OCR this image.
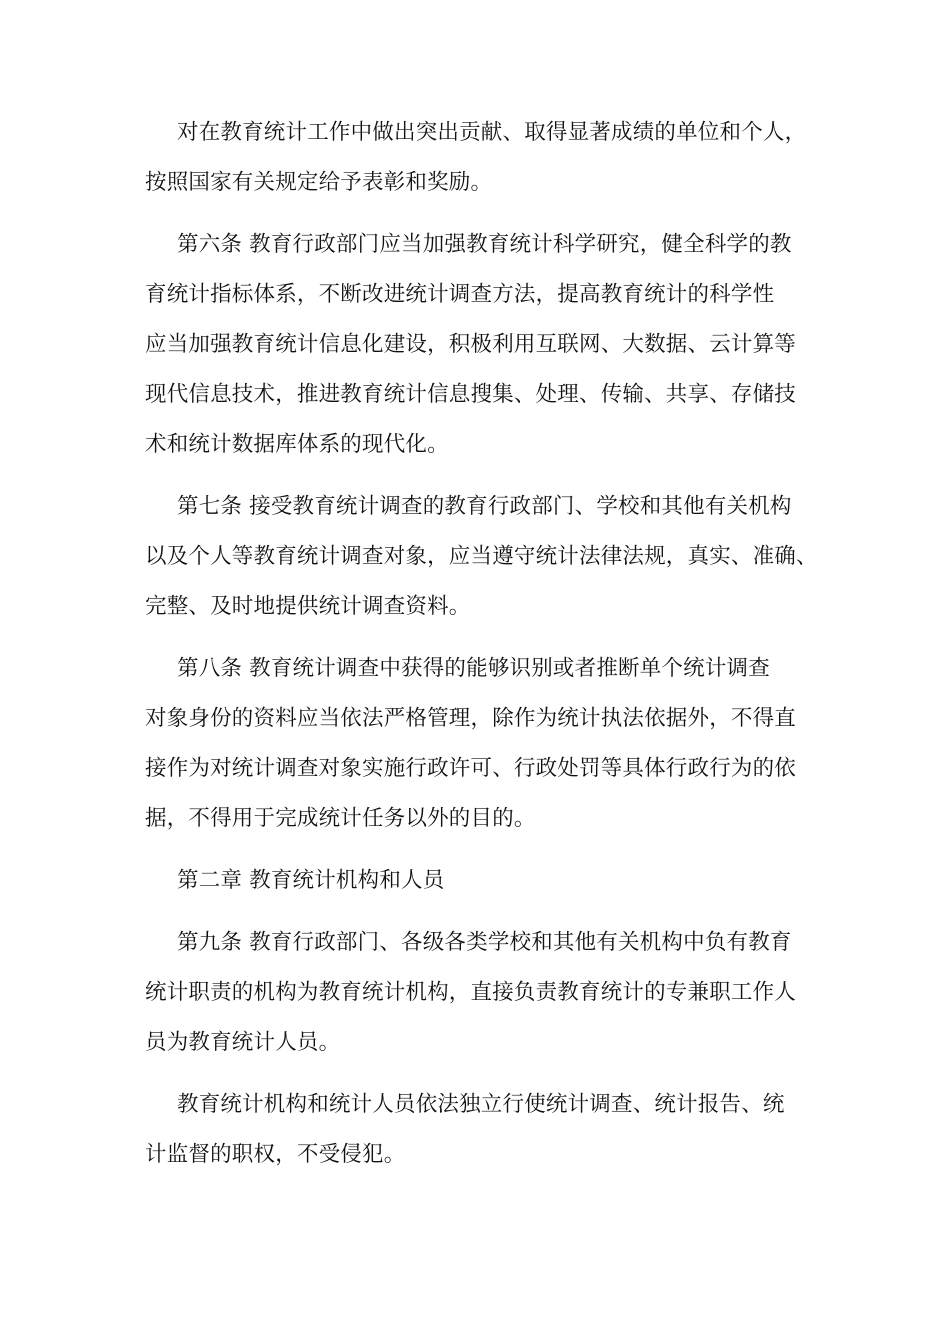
对在教育统计工作中做出突出贡献、取得显著成绩的单位和个人，
按照国家有关规定给予表彰和奖励。

第六条 教育行政部门应当加强教育统计科学研究，健全科学的教
育统计指标体系，不断改进统计调查方法，提高教育统计的科学性
应当加强教育统计信息化建设，积极利用互联网、大数据、云计算等
现代信息技术，推进教育统计信息搜集、处理、传输、共享、存储技
术和统计数据库体系的现代化。

第七条 接受教育统计调查的教育行政部门、学校和其他有关机构
以及个人等教育统计调查对象，应当遵守统计法律法规，真实、准确、
完整、及时地提供统计调查资料。

第八条 教育统计调查中获得的能够识别或者推断单个统计调查
对象身份的资料应当依法严格管理，除作为统计执法依据外，不得直
接作为对统计调查对象实施行政许可、行政处罚等具体行政行为的依
据，不得用于完成统计任务以外的目的。

第二章 教育统计机构和人员

第九条 教育行政部门、各级各类学校和其他有关机构中负有教育
统计职责的机构为教育统计机构，直接负责教育统计的专兼职工作人
员为教育统计人员。

教育统计机构和统计人员依法独立行使统计调查、统计报告、统
计监督的职权，不受侵犯。
